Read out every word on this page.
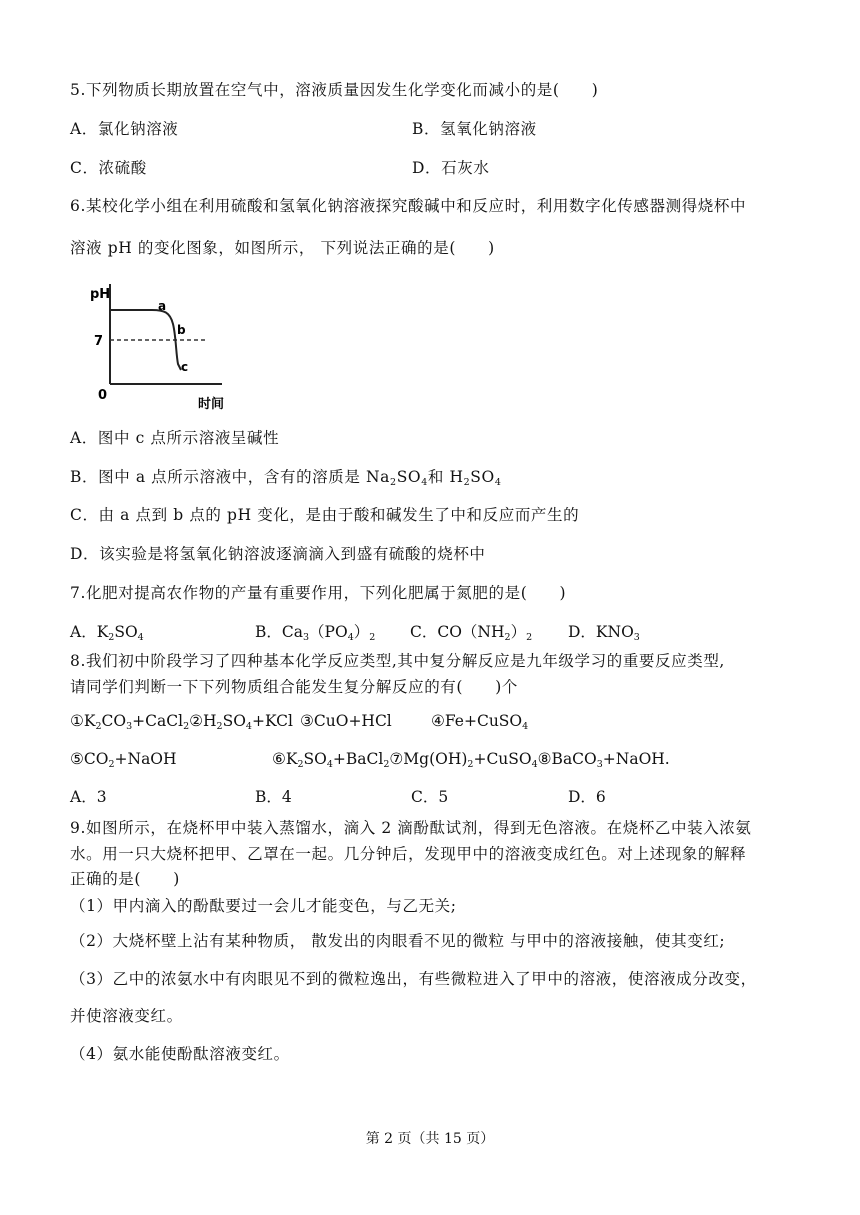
5.下列物质长期放置在空气中，溶液质量因发生化学变化而减小的是(　　)
A．氯化钠溶液	B．氢氧化钠溶液
C．浓硫酸	D．石灰水
6.某校化学小组在利用硫酸和氢氧化钠溶液探究酸碱中和反应时，利用数字化传感器测得烧杯中
溶液 pH 的变化图象，如图所示， 下列说法正确的是(　　)
pH
7
0
a
b
c
时间
A．图中 c 点所示溶液呈碱性
B．图中 a 点所示溶液中，含有的溶质是 $Na_2SO_4$和 $H_2SO_4$
C．由 a 点到 b 点的 pH 变化，是由于酸和碱发生了中和反应而产生的
D．该实验是将氢氧化钠溶波逐滴滴入到盛有硫酸的烧杯中
7.化肥对提高农作物的产量有重要作用，下列化肥属于氮肥的是(　　)
A．$K_2SO_4$	B．$Ca_3(PO_4)_2$ C．$CO(NH_2)_2$ D．$KNO_3$
8.我们初中阶段学习了四种基本化学反应类型,其中复分解反应是九年级学习的重要反应类型,
请同学们判断一下下列物质组合能发生复分解反应的有(　　)个
$①K_2CO_3+CaCl_2②H_2SO_4+KCl$ ③CuO+HCl	④Fe+CuSO$_4$
$⑤CO_2+NaOH$	$⑥K_2SO_4+BaCl_2⑦Mg(OH)_2+CuSO_4⑧BaCO_3+NaOH$.
A．3	B．4	C．5	D．6
9.如图所示，在烧杯甲中装入蒸馏水，滴入 2 滴酚酞试剂，得到无色溶液。在烧杯乙中装入浓氨
水。用一只大烧杯把甲、乙罩在一起。几分钟后，发现甲中的溶液变成红色。对上述现象的解释
正确的是(　　)
（1）甲内滴入的酚酞要过一会儿才能变色，与乙无关;
（2）大烧杯壁上沾有某种物质， 散发出的肉眼看不见的微粒 与甲中的溶液接触，使其变红;
（3）乙中的浓氨水中有肉眼见不到的微粒逸出，有些微粒进入了甲中的溶液，使溶液成分改变，
并使溶液变红。
（4）氨水能使酚酞溶液变红。
第 2 页（共 15 页）
